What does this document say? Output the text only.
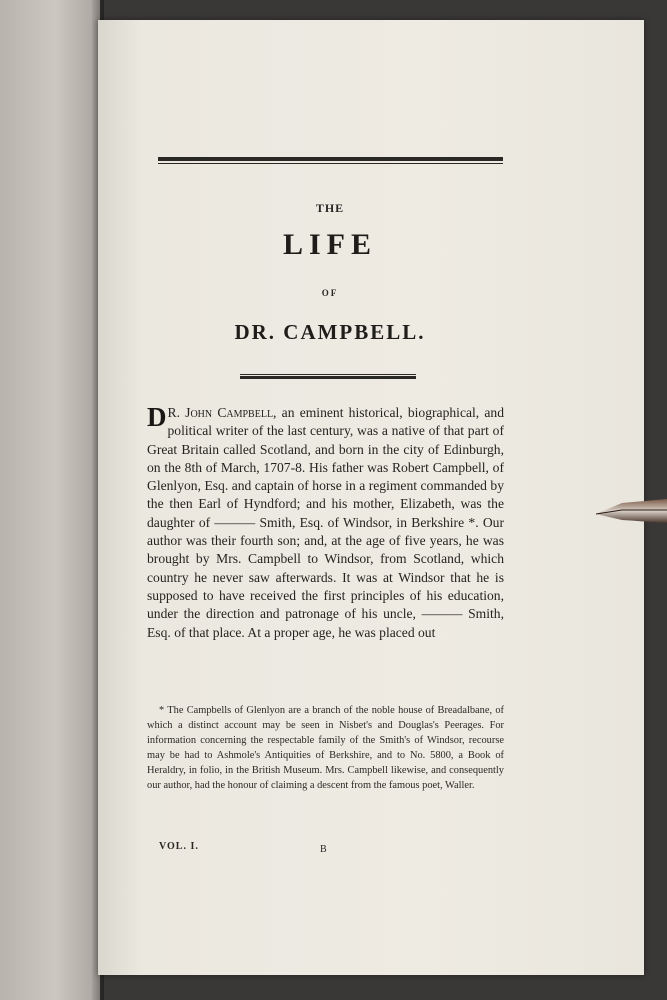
THE
LIFE
OF
DR. CAMPBELL.
D R. John Campbell, an eminent historical, biographical, and political writer of the last century, was a native of that part of Great Britain called Scotland, and born in the city of Edinburgh, on the 8th of March, 1707-8. His father was Robert Campbell, of Glenlyon, Esq. and captain of horse in a regiment commanded by the then Earl of Hyndford; and his mother, Elizabeth, was the daughter of ——— Smith, Esq. of Windsor, in Berkshire *. Our author was their fourth son; and, at the age of five years, he was brought by Mrs. Campbell to Windsor, from Scotland, which country he never saw afterwards. It was at Windsor that he is supposed to have received the first principles of his education, under the direction and patronage of his uncle, ——— Smith, Esq. of that place. At a proper age, he was placed out
* The Campbells of Glenlyon are a branch of the noble house of Breadalbane, of which a distinct account may be seen in Nisbet's and Douglas's Peerages. For information concerning the respectable family of the Smith's of Windsor, recourse may be had to Ashmole's Antiquities of Berkshire, and to No. 5800, a Book of Heraldry, in folio, in the British Museum. Mrs. Campbell likewise, and consequently our author, had the honour of claiming a descent from the famous poet, Waller.
VOL. I.	B
